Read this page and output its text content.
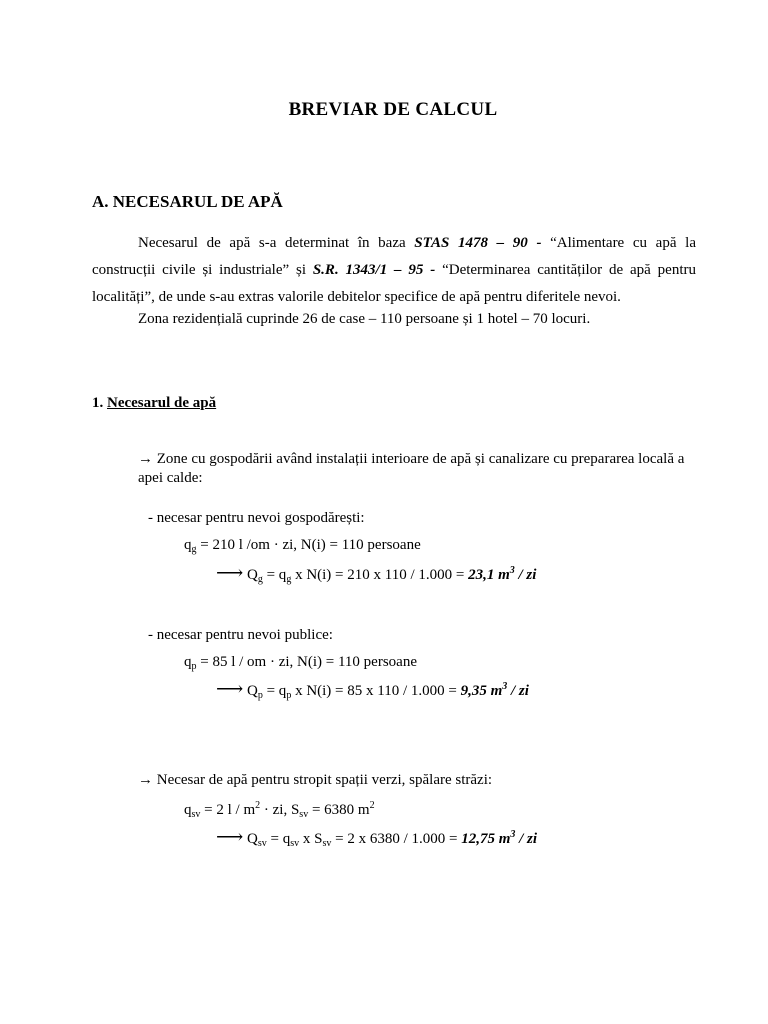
BREVIAR DE CALCUL
A. NECESARUL DE APĂ
Necesarul de apă s-a determinat în baza STAS 1478 – 90 - “Alimentare cu apă la
construcții civile și industriale” și S.R. 1343/1 – 95 - “Determinarea cantităților de apă pentru
localități”, de unde s-au extras valorile debitelor specifice de apă pentru diferitele nevoi.
Zona rezidențială cuprinde 26 de case – 110 persoane și 1 hotel – 70 locuri.
1. Necesarul de apă
→ Zone cu gospodării având instalații interioare de apă și canalizare cu prepararea locală a apei calde:
- necesar pentru nevoi gospodărești:
$q_g = 210$ l /om · zi, N(i) = 110 persoane
⟶ $Q_g = q_g$ x N(i) = 210 x 110 / 1.000 = 23,1 $m^3$ / zi
- necesar pentru nevoi publice:
$q_p = 85$ l / om · zi, N(i) = 110 persoane
⟶ $Q_p = q_p$ x N(i) = 85 x 110 / 1.000 = 9,35 $m^3$ / zi
→ Necesar de apă pentru stropit spații verzi, spălare străzi:
$q_{sv} = 2$ l / $m^2$ · zi, $S_{sv} = 6380$ $m^2$
⟶ $Q_{sv} = q_{sv}$ x $S_{sv} = 2$ x 6380 / 1.000 = 12,75 $m^3$ / zi
